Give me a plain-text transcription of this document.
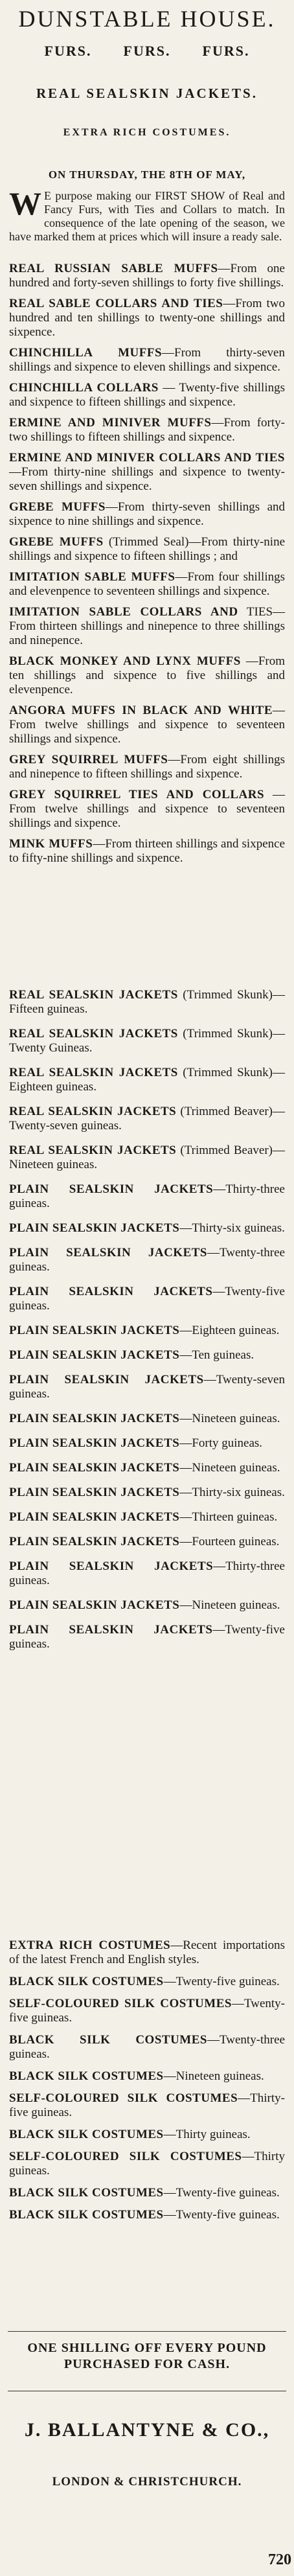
DUNSTABLE HOUSE.
FURS. FURS. FURS.
REAL SEALSKIN JACKETS.
EXTRA RICH COSTUMES.
ON THURSDAY, THE 8TH OF MAY,
W E purpose making our FIRST SHOW of Real and Fancy Furs, with Ties and Collars to match. In consequence of the late opening of the season, we have marked them at prices which will insure a ready sale.
REAL RUSSIAN SABLE MUFFS—From one hundred and forty-seven shillings to forty five shillings.
REAL SABLE COLLARS AND TIES—From two hundred and ten shillings to twenty-one shillings and sixpence.
CHINCHILLA MUFFS—From thirty-seven shillings and sixpence to eleven shillings and sixpence.
CHINCHILLA COLLARS — Twenty-five shillings and sixpence to fifteen shillings and sixpence.
ERMINE AND MINIVER MUFFS—From forty-two shillings to fifteen shillings and sixpence.
ERMINE AND MINIVER COLLARS AND TIES—From thirty-nine shillings and sixpence to twenty-seven shillings and sixpence.
GREBE MUFFS—From thirty-seven shillings and sixpence to nine shillings and sixpence.
GREBE MUFFS (Trimmed Seal)—From thirty-nine shillings and sixpence to fifteen shillings ; and
IMITATION SABLE MUFFS—From four shillings and elevenpence to seventeen shillings and sixpence.
IMITATION SABLE COLLARS AND TIES—From thirteen shillings and ninepence to three shillings and ninepence.
BLACK MONKEY AND LYNX MUFFS —From ten shillings and sixpence to five shillings and elevenpence.
ANGORA MUFFS IN BLACK AND WHITE—From twelve shillings and sixpence to seventeen shillings and sixpence.
GREY SQUIRREL MUFFS—From eight shillings and ninepence to fifteen shillings and sixpence.
GREY SQUIRREL TIES AND COLLARS —From twelve shillings and sixpence to seventeen shillings and sixpence.
MINK MUFFS—From thirteen shillings and sixpence to fifty-nine shillings and sixpence.
REAL SEALSKIN JACKETS (Trimmed Skunk)—Fifteen guineas.
REAL SEALSKIN JACKETS (Trimmed Skunk)—Twenty Guineas.
REAL SEALSKIN JACKETS (Trimmed Skunk)—Eighteen guineas.
REAL SEALSKIN JACKETS (Trimmed Beaver)—Twenty-seven guineas.
REAL SEALSKIN JACKETS (Trimmed Beaver)—Nineteen guineas.
PLAIN SEALSKIN JACKETS—Thirty-three guineas.
PLAIN SEALSKIN JACKETS—Thirty-six guineas.
PLAIN SEALSKIN JACKETS—Twenty-three guineas.
PLAIN SEALSKIN JACKETS—Twenty-five guineas.
PLAIN SEALSKIN JACKETS—Eighteen guineas.
PLAIN SEALSKIN JACKETS—Ten guineas.
PLAIN SEALSKIN JACKETS—Twenty-seven guineas.
PLAIN SEALSKIN JACKETS—Nineteen guineas.
PLAIN SEALSKIN JACKETS—Forty guineas.
PLAIN SEALSKIN JACKETS—Nineteen guineas.
PLAIN SEALSKIN JACKETS—Thirty-six guineas.
PLAIN SEALSKIN JACKETS—Thirteen guineas.
PLAIN SEALSKIN JACKETS—Fourteen guineas.
PLAIN SEALSKIN JACKETS—Thirty-three guineas.
PLAIN SEALSKIN JACKETS—Nineteen guineas.
PLAIN SEALSKIN JACKETS—Twenty-five guineas.
EXTRA RICH COSTUMES—Recent importations of the latest French and English styles.
BLACK SILK COSTUMES—Twenty-five guineas.
SELF-COLOURED SILK COSTUMES—Twenty-five guineas.
BLACK SILK COSTUMES—Twenty-three guineas.
BLACK SILK COSTUMES—Nineteen guineas.
SELF-COLOURED SILK COSTUMES—Thirty-five guineas.
BLACK SILK COSTUMES—Thirty guineas.
SELF-COLOURED SILK COSTUMES—Thirty guineas.
BLACK SILK COSTUMES—Twenty-five guineas.
BLACK SILK COSTUMES—Twenty-five guineas.
ONE SHILLING OFF EVERY POUND PURCHASED FOR CASH.
J. BALLANTYNE & CO.,
LONDON & CHRISTCHURCH.
720
